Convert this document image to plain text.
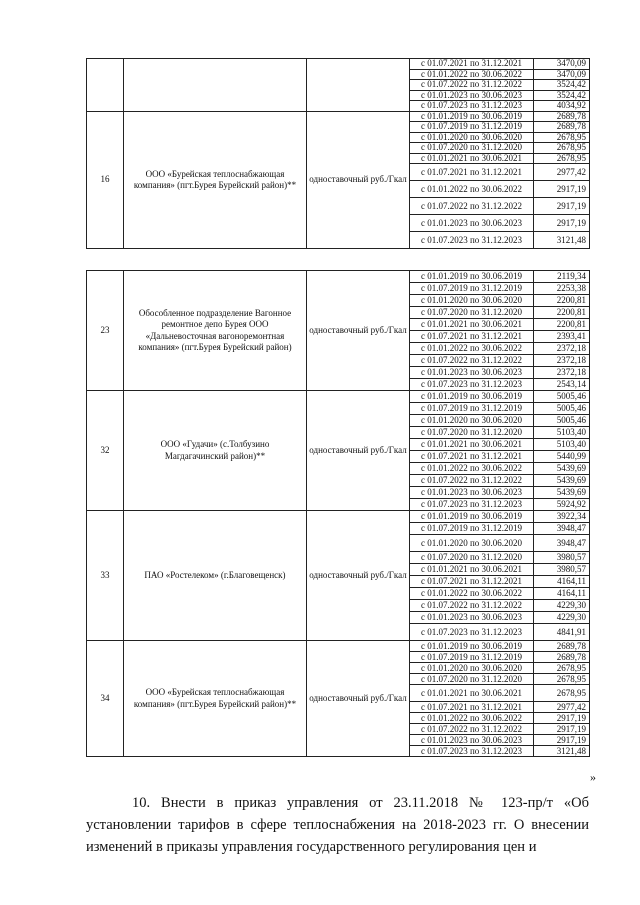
			с 01.07.2021 по 31.12.2021	3470,09
			с 01.01.2022 по 30.06.2022	3470,09
			с 01.07.2022 по 31.12.2022	3524,42
			с 01.01.2023 по 30.06.2023	3524,42
			с 01.07.2023 по 31.12.2023	4034,92
16	ООО «Бурейская теплоснабжающая компания» (пгт.Бурея Бурейский район)**	одноставочный руб./Гкал	с 01.01.2019 по 30.06.2019	2689,78
			с 01.07.2019 по 31.12.2019	2689,78
			с 01.01.2020 по 30.06.2020	2678,95
			с 01.07.2020 по 31.12.2020	2678,95
			с 01.01.2021 по 30.06.2021	2678,95
			с 01.07.2021 по 31.12.2021	2977,42
			с 01.01.2022 по 30.06.2022	2917,19
			с 01.07.2022 по 31.12.2022	2917,19
			с 01.01.2023 по 30.06.2023	2917,19
			с 01.07.2023 по 31.12.2023	3121,48
23	Обособленное подразделение Вагонное ремонтное депо Бурея ООО «Дальневосточная вагоноремонтная компания» (пгт.Бурея Бурейский район)	одноставочный руб./Гкал	с 01.01.2019 по 30.06.2019	2119,34
			с 01.07.2019 по 31.12.2019	2253,38
			с 01.01.2020 по 30.06.2020	2200,81
			с 01.07.2020 по 31.12.2020	2200,81
			с 01.01.2021 по 30.06.2021	2200,81
			с 01.07.2021 по 31.12.2021	2393,41
			с 01.01.2022 по 30.06.2022	2372,18
			с 01.07.2022 по 31.12.2022	2372,18
			с 01.01.2023 по 30.06.2023	2372,18
			с 01.07.2023 по 31.12.2023	2543,14
32	ООО «Гудачи» (с.Толбузино Магдагачинский район)**	одноставочный руб./Гкал	с 01.01.2019 по 30.06.2019	5005,46
			с 01.07.2019 по 31.12.2019	5005,46
			с 01.01.2020 по 30.06.2020	5005,46
			с 01.07.2020 по 31.12.2020	5103,40
			с 01.01.2021 по 30.06.2021	5103,40
			с 01.07.2021 по 31.12.2021	5440,99
			с 01.01.2022 по 30.06.2022	5439,69
			с 01.07.2022 по 31.12.2022	5439,69
			с 01.01.2023 по 30.06.2023	5439,69
			с 01.07.2023 по 31.12.2023	5924,92
33	ПАО «Ростелеком» (г.Благовещенск)	одноставочный руб./Гкал	с 01.01.2019 по 30.06.2019	3922,34
			с 01.07.2019 по 31.12.2019	3948,47
			с 01.01.2020 по 30.06.2020	3948,47
			с 01.07.2020 по 31.12.2020	3980,57
			с 01.01.2021 по 30.06.2021	3980,57
			с 01.07.2021 по 31.12.2021	4164,11
			с 01.01.2022 по 30.06.2022	4164,11
			с 01.07.2022 по 31.12.2022	4229,30
			с 01.01.2023 по 30.06.2023	4229,30
			с 01.07.2023 по 31.12.2023	4841,91
34	ООО «Бурейская теплоснабжающая компания» (пгт.Бурея Бурейский район)**	одноставочный руб./Гкал	с 01.01.2019 по 30.06.2019	2689,78
			с 01.07.2019 по 31.12.2019	2689,78
			с 01.01.2020 по 30.06.2020	2678,95
			с 01.07.2020 по 31.12.2020	2678,95
			с 01.01.2021 по 30.06.2021	2678,95
			с 01.07.2021 по 31.12.2021	2977,42
			с 01.01.2022 по 30.06.2022	2917,19
			с 01.07.2022 по 31.12.2022	2917,19
			с 01.01.2023 по 30.06.2023	2917,19
			с 01.07.2023 по 31.12.2023	3121,48
»

10. Внести в приказ управления от 23.11.2018 № 123-пр/т «Об установлении тарифов в сфере теплоснабжения на 2018-2023 гг. О внесении изменений в приказы управления государственного регулирования цен и
